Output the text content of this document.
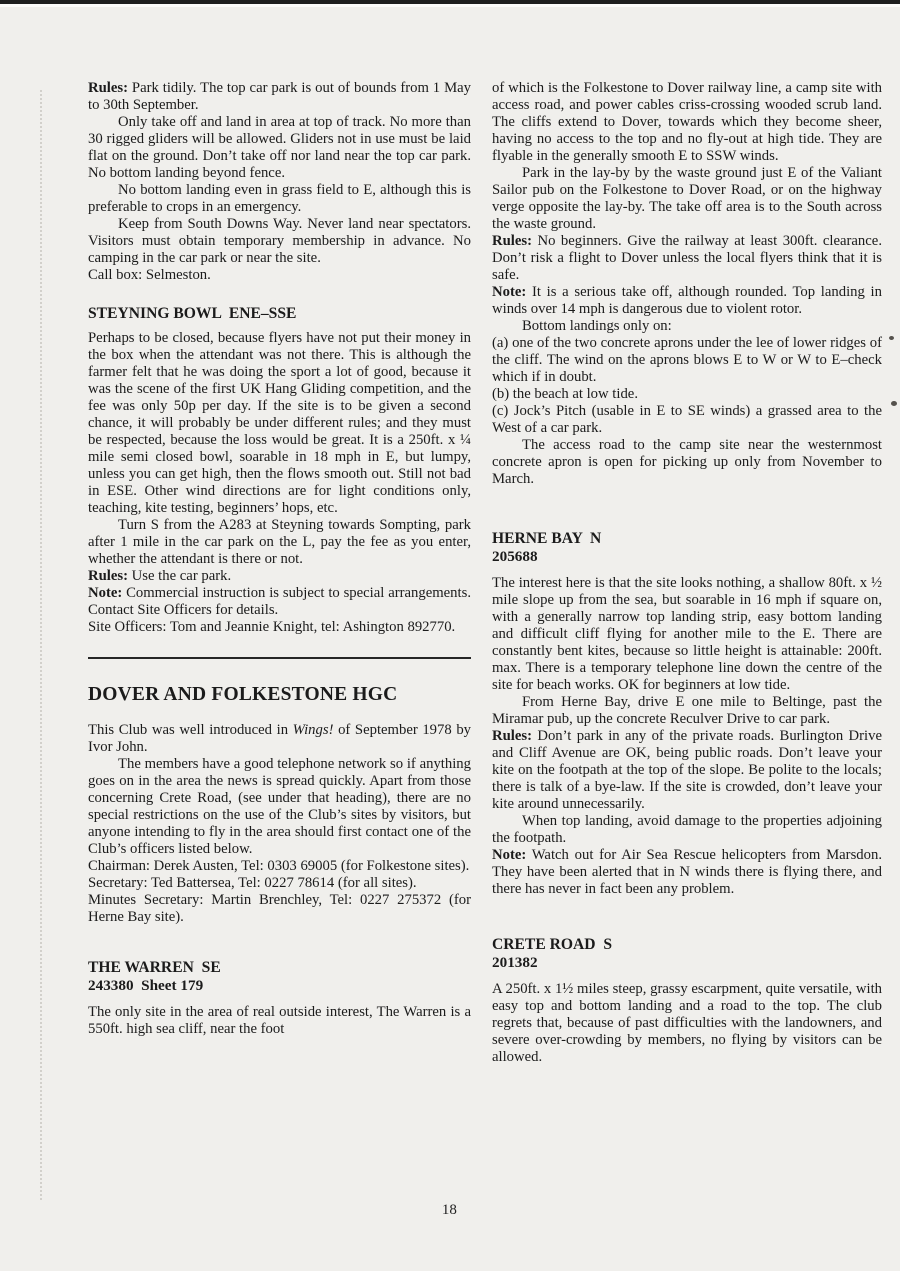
Rules: Park tidily. The top car park is out of bounds from 1 May to 30th September.

Only take off and land in area at top of track. No more than 30 rigged gliders will be allowed. Gliders not in use must be laid flat on the ground. Don’t take off nor land near the top car park. No bottom landing beyond fence.

No bottom landing even in grass field to E, although this is preferable to crops in an emergency.

Keep from South Downs Way. Never land near spectators. Visitors must obtain temporary membership in advance. No camping in the car park or near the site.

Call box: Selmeston.

STEYNING BOWL  ENE–SSE

Perhaps to be closed, because flyers have not put their money in the box when the attendant was not there. This is although the farmer felt that he was doing the sport a lot of good, because it was the scene of the first UK Hang Gliding competition, and the fee was only 50p per day. If the site is to be given a second chance, it will probably be under different rules; and they must be respected, because the loss would be great. It is a 250ft. x ¼ mile semi closed bowl, soarable in 18 mph in E, but lumpy, unless you can get high, then the flows smooth out. Still not bad in ESE. Other wind directions are for light conditions only, teaching, kite testing, beginners’ hops, etc.

Turn S from the A283 at Steyning towards Sompting, park after 1 mile in the car park on the L, pay the fee as you enter, whether the attendant is there or not.

Rules: Use the car park.

Note: Commercial instruction is subject to special arrangements. Contact Site Officers for details.

Site Officers: Tom and Jeannie Knight, tel: Ashington 892770.

DOVER AND FOLKESTONE HGC

This Club was well introduced in Wings! of September 1978 by Ivor John.

The members have a good telephone network so if anything goes on in the area the news is spread quickly. Apart from those concerning Crete Road, (see under that heading), there are no special restrictions on the use of the Club’s sites by visitors, but anyone intending to fly in the area should first contact one of the Club’s officers listed below.

Chairman: Derek Austen, Tel: 0303 69005 (for Folkestone sites).

Secretary: Ted Battersea, Tel: 0227 78614 (for all sites).

Minutes Secretary: Martin Brenchley, Tel: 0227 275372 (for Herne Bay site).

THE WARREN  SE
243380  Sheet 179

The only site in the area of real outside interest, The Warren is a 550ft. high sea cliff, near the foot

of which is the Folkestone to Dover railway line, a camp site with access road, and power cables criss-crossing wooded scrub land. The cliffs extend to Dover, towards which they become sheer, having no access to the top and no fly-out at high tide. They are flyable in the generally smooth E to SSW winds.

Park in the lay-by by the waste ground just E of the Valiant Sailor pub on the Folkestone to Dover Road, or on the highway verge opposite the lay-by. The take off area is to the South across the waste ground.

Rules: No beginners. Give the railway at least 300ft. clearance. Don’t risk a flight to Dover unless the local flyers think that it is safe.

Note: It is a serious take off, although rounded. Top landing in winds over 14 mph is dangerous due to violent rotor.

Bottom landings only on:

(a) one of the two concrete aprons under the lee of lower ridges of the cliff. The wind on the aprons blows E to W or W to E–check which if in doubt.

(b) the beach at low tide.

(c) Jock’s Pitch (usable in E to SE winds) a grassed area to the West of a car park.

The access road to the camp site near the westernmost concrete apron is open for picking up only from November to March.

HERNE BAY  N
205688

The interest here is that the site looks nothing, a shallow 80ft. x ½ mile slope up from the sea, but soarable in 16 mph if square on, with a generally narrow top landing strip, easy bottom landing and difficult cliff flying for another mile to the E. There are constantly bent kites, because so little height is attainable: 200ft. max. There is a temporary telephone line down the centre of the site for beach works. OK for beginners at low tide.

From Herne Bay, drive E one mile to Beltinge, past the Miramar pub, up the concrete Reculver Drive to car park.

Rules: Don’t park in any of the private roads. Burlington Drive and Cliff Avenue are OK, being public roads. Don’t leave your kite on the footpath at the top of the slope. Be polite to the locals; there is talk of a bye-law. If the site is crowded, don’t leave your kite around unnecessarily.

When top landing, avoid damage to the properties adjoining the footpath.

Note: Watch out for Air Sea Rescue helicopters from Marsdon. They have been alerted that in N winds there is flying there, and there has never in fact been any problem.

CRETE ROAD  S
201382

A 250ft. x 1½ miles steep, grassy escarpment, quite versatile, with easy top and bottom landing and a road to the top. The club regrets that, because of past difficulties with the landowners, and severe over-crowding by members, no flying by visitors can be allowed.

18
